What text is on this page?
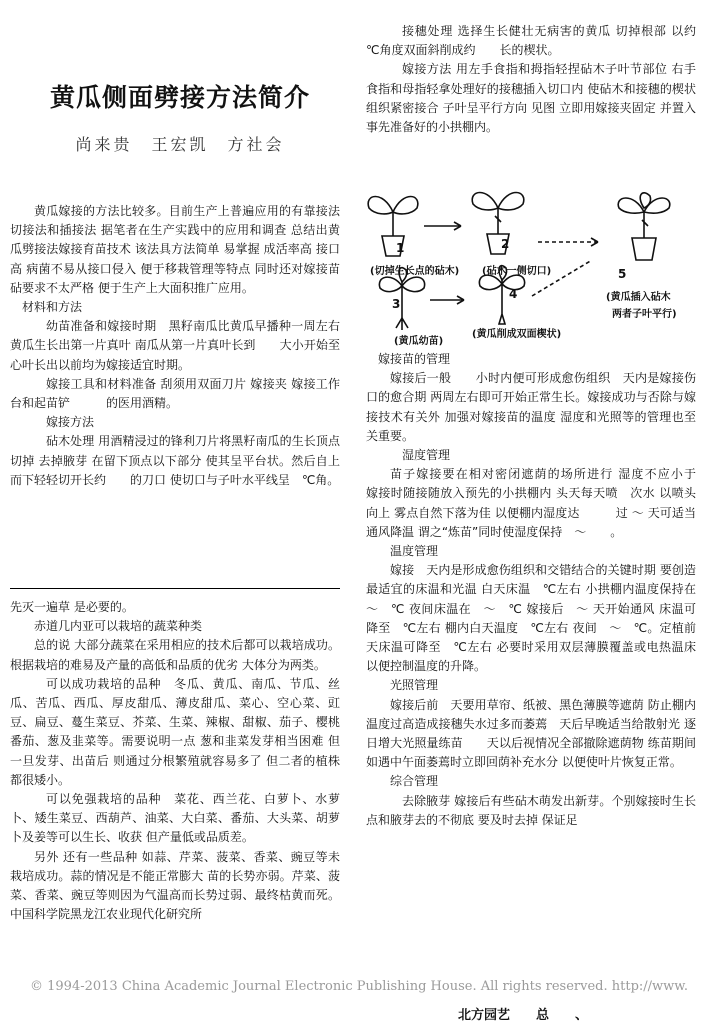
黄瓜侧面劈接方法简介
尚来贵　王宏凯　方社会

黄瓜嫁接的方法比较多。目前生产上普遍应用的有靠接法 切接法和插接法 据笔者在生产实践中的应用和调查 总结出黄瓜劈接法嫁接育苗技术 该法具方法简单 易掌握 成活率高 接口高 病菌不易从接口侵入 便于移栽管理等特点 同时还对嫁接苗砧要求不太严格 便于生产上大面积推广应用。

材料和方法

幼苗准备和嫁接时期　黑籽南瓜比黄瓜早播种一周左右 黄瓜生长出第一片真叶 南瓜从第一片真叶长到　　大小开始至心叶长出以前均为嫁接适宜时期。

嫁接工具和材料准备 刮须用双面刀片 嫁接夹 嫁接工作台和起苗铲　　　的医用酒精。

嫁接方法

砧木处理 用酒精浸过的锋利刀片将黑籽南瓜的生长顶点切掉 去掉腋芽 在留下顶点以下部分 使其呈平台状。然后自上而下轻轻切开长约　　的刀口 使切口与子叶水平线呈　℃角。

先灭一遍草 是必要的。

赤道几内亚可以栽培的蔬菜种类

总的说 大部分蔬菜在采用相应的技术后都可以栽培成功。根据栽培的难易及产量的高低和品质的优劣 大体分为两类。

可以成功栽培的品种　冬瓜、黄瓜、南瓜、节瓜、丝瓜、苦瓜、西瓜、厚皮甜瓜、薄皮甜瓜、菜心、空心菜、豇豆、扁豆、蔓生菜豆、芥菜、生菜、辣椒、甜椒、茄子、樱桃番茄、葱及韭菜等。需要说明一点 葱和韭菜发芽相当困难 但一旦发芽、出苗后 则通过分根繁殖就容易多了 但二者的植株都很矮小。

可以免强栽培的品种　菜花、西兰花、白萝卜、水萝卜、矮生菜豆、西葫芦、油菜、大白菜、番茄、大头菜、胡萝卜及姜等可以生长、收获 但产量低或品质差。

另外 还有一些品种 如蒜、芹菜、菠菜、香菜、豌豆等未栽培成功。蒜的情况是不能正常膨大 苗的长势亦弱。芹菜、菠菜、香菜、豌豆等则因为气温高而长势过弱、最终枯黄而死。 中国科学院黑龙江农业现代化研究所

接穗处理 选择生长健壮无病害的黄瓜 切掉根部 以约　℃角度双面斜削成约　　长的楔状。

嫁接方法 用左手食指和拇指轻捏砧木子叶节部位 右手食指和母指轻拿处理好的接穗插入切口内 使砧木和接穗的楔状组织紧密接合 子叶呈平行方向 见图 立即用嫁接夹固定 并置入事先准备好的小拱棚内。

1	2
3
4
5
(切掉生长点的砧木) (砧木一侧切口)
(黄瓜幼苗)
(黄瓜削成双面楔状)
(黄瓜插入砧木
两者子叶平行)

嫁接苗的管理

嫁接后一般　　小时内便可形成愈伤组织　天内是嫁接伤口的愈合期 两周左右即可开始正常生长。嫁接成功与否除与嫁接技术有关外 加强对嫁接苗的温度 湿度和光照等的管理也至关重要。

湿度管理

苗子嫁接要在相对密闭遮荫的场所进行 湿度不应小于　　嫁接时随接随放入预先的小拱棚内 头天每天喷　次水 以喷头向上 雾点自然下落为佳 以便棚内湿度达　　　过 ～ 天可适当通风降温 谓之“炼苗”同时使湿度保持　～　　。

温度管理

嫁接　天内是形成愈伤组织和交错结合的关键时期 要创造最适宜的床温和光温 白天床温　℃左右 小拱棚内温度保持在　～　℃ 夜间床温在　～　℃ 嫁接后　～ 天开始通风 床温可降至　℃左右 棚内白天温度　℃左右 夜间　～　℃。定植前　天床温可降至　℃左右 必要时采用双层薄膜覆盖或电热温床 以便控制温度的升降。

光照管理

嫁接后前　天要用草帘、纸被、黑色薄膜等遮荫 防止棚内温度过高造成接穗失水过多而萎蔫　天后早晚适当给散射光 逐日增大光照量练苗　　天以后视情况全部撤除遮荫物 练苗期间如遇中午面萎蔫时立即回荫补充水分 以便使叶片恢复正常。

综合管理

去除腋芽 嫁接后有些砧木萌发出新芽。个别嫁接时生长点和腋芽去的不彻底 要及时去掉 保证足

© 1994-2013 China Academic Journal Electronic Publishing House. All rights reserved. http://www.
北方园艺　　总　　、
